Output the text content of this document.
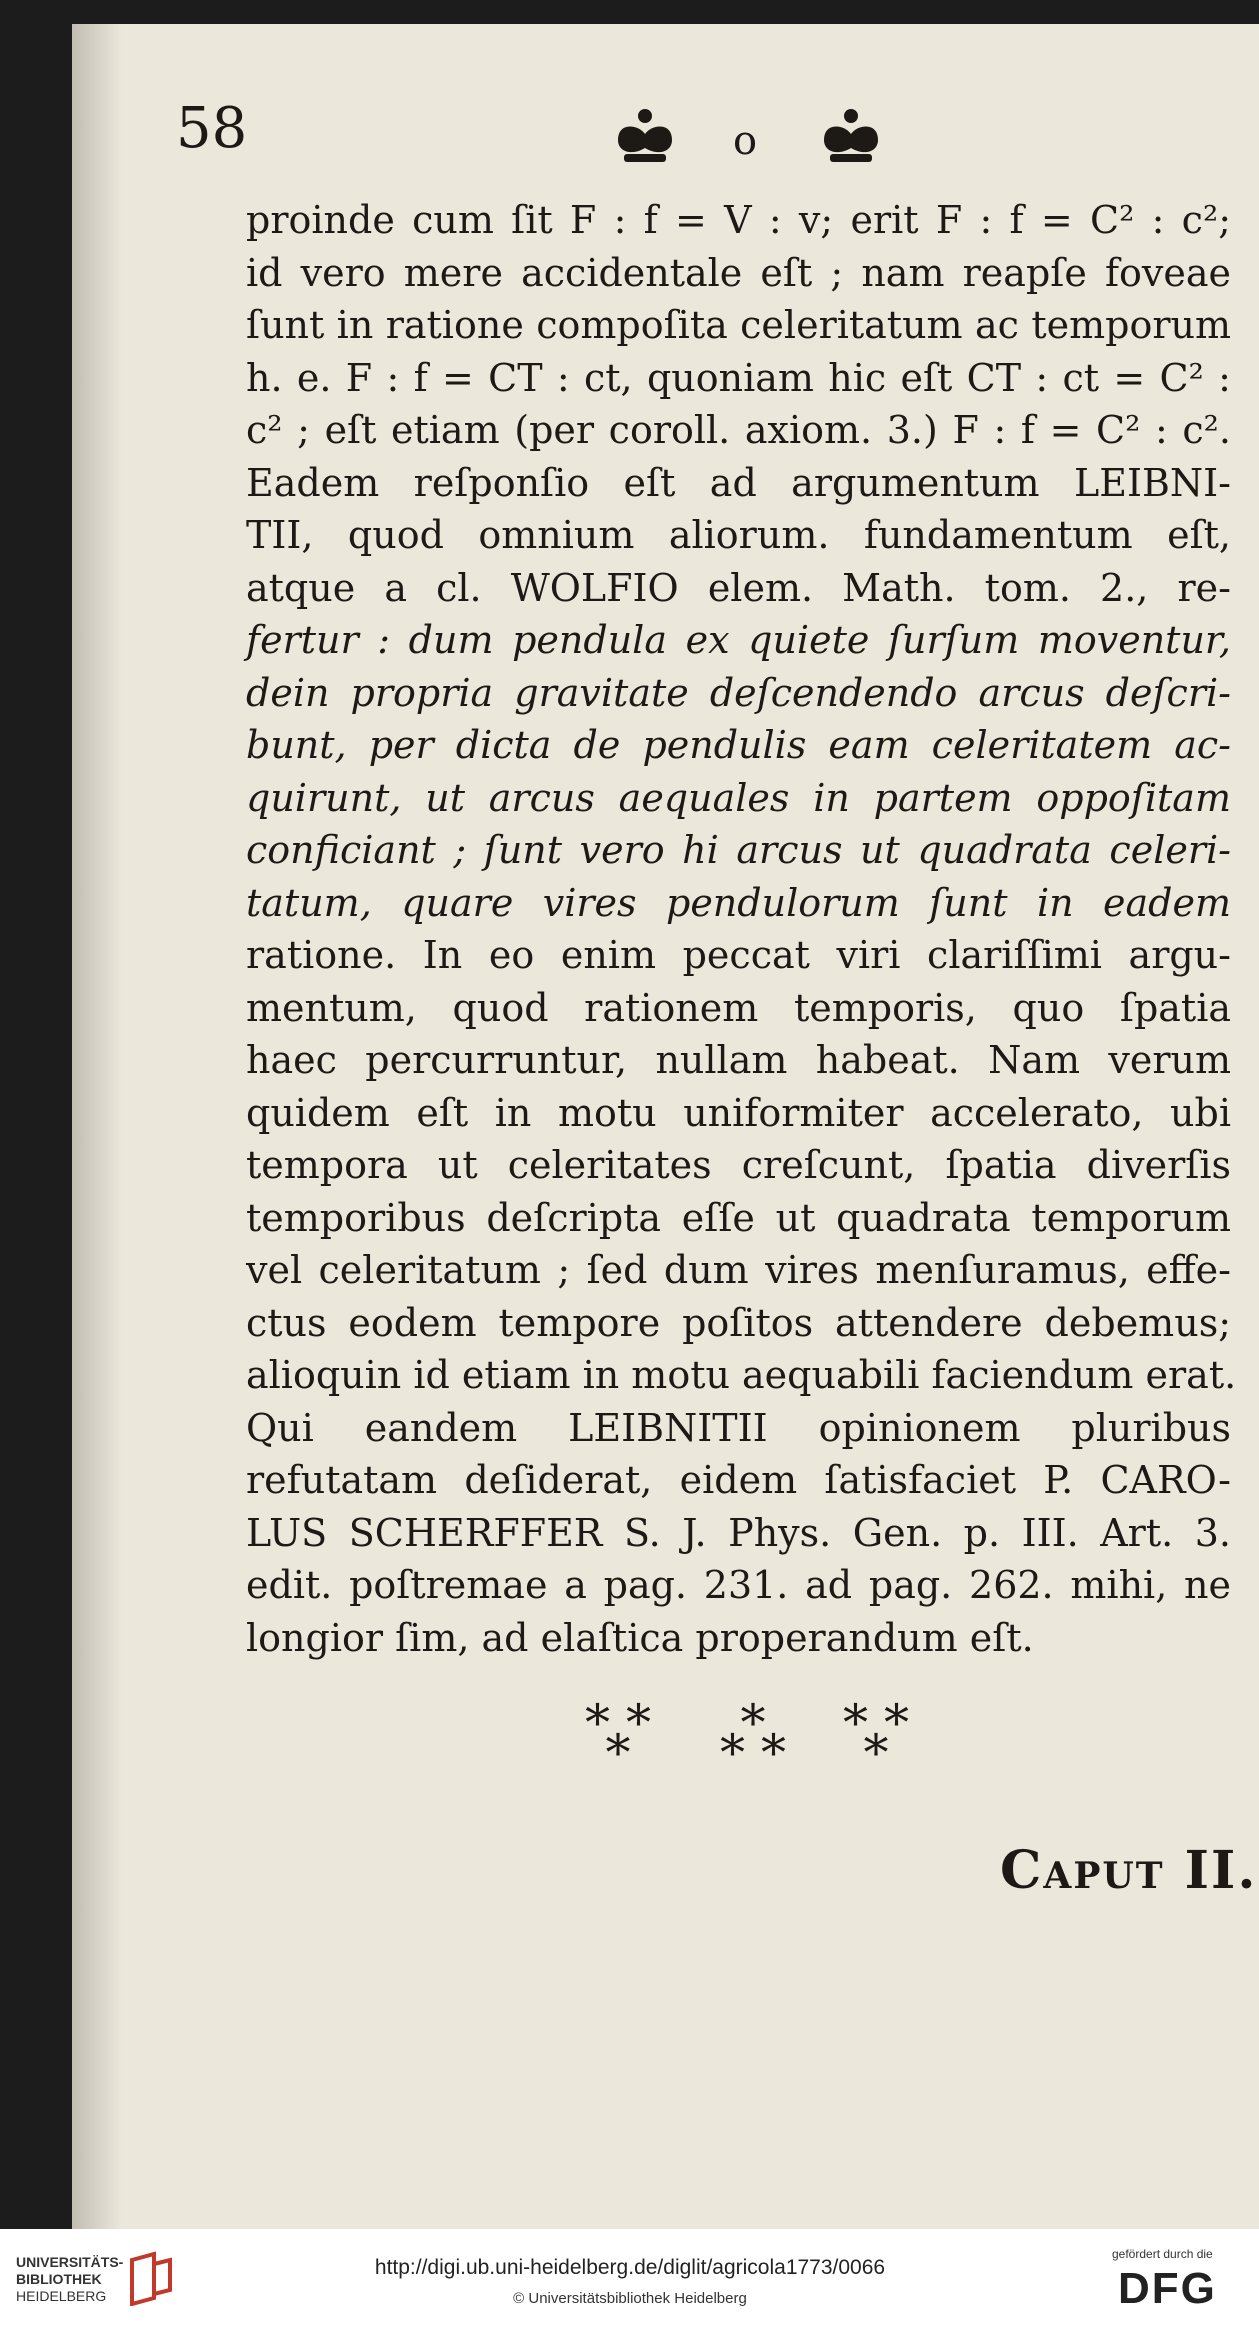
58	o
proinde cum ſit F : f = V : v; erit F : f = C² : c²;
id vero mere accidentale eſt ; nam reapſe foveae
ſunt in ratione compoſita celeritatum ac temporum
h. e. F : f = CT : ct, quoniam hic eſt CT : ct = C² :
c² ; eſt etiam (per coroll. axiom. 3.) F : f = C² : c².
Eadem reſponſio eſt ad argumentum LEIBNI-
TII, quod omnium aliorum. fundamentum eſt,
atque a cl. WOLFIO elem. Math. tom. 2., re-
fertur : dum pendula ex quiete ſurſum moventur,
dein propria gravitate deſcendendo arcus deſcri-
bunt, per dicta de pendulis eam celeritatem ac-
quirunt, ut arcus aequales in partem oppoſitam
conficiant ; ſunt vero hi arcus ut quadrata celeri-
tatum, quare vires pendulorum ſunt in eadem
ratione. In eo enim peccat viri clariſſimi argu-
mentum, quod rationem temporis, quo ſpatia
haec percurruntur, nullam habeat. Nam verum
quidem eſt in motu uniformiter accelerato, ubi
tempora ut celeritates creſcunt, ſpatia diverſis
temporibus deſcripta eſſe ut quadrata temporum
vel celeritatum ; ſed dum vires menſuramus, effe-
ctus eodem tempore poſitos attendere debemus;
alioquin id etiam in motu aequabili faciendum erat.
Qui eandem LEIBNITII opinionem pluribus
refutatam deſiderat, eidem ſatisfaciet P. CARO-
LUS SCHERFFER S. J. Phys. Gen. p. III. Art. 3.
edit. poſtremae a pag. 231. ad pag. 262. mihi, ne
longior ſim, ad elaſtica properandum eſt.
* *
*
*
* *
* *
*
Caput II.
UNIVERSITÄTS-
BIBLIOTHEK
HEIDELBERG
http://digi.ub.uni-heidelberg.de/diglit/agricola1773/0066
© Universitätsbibliothek Heidelberg
gefördert durch die
DFG
